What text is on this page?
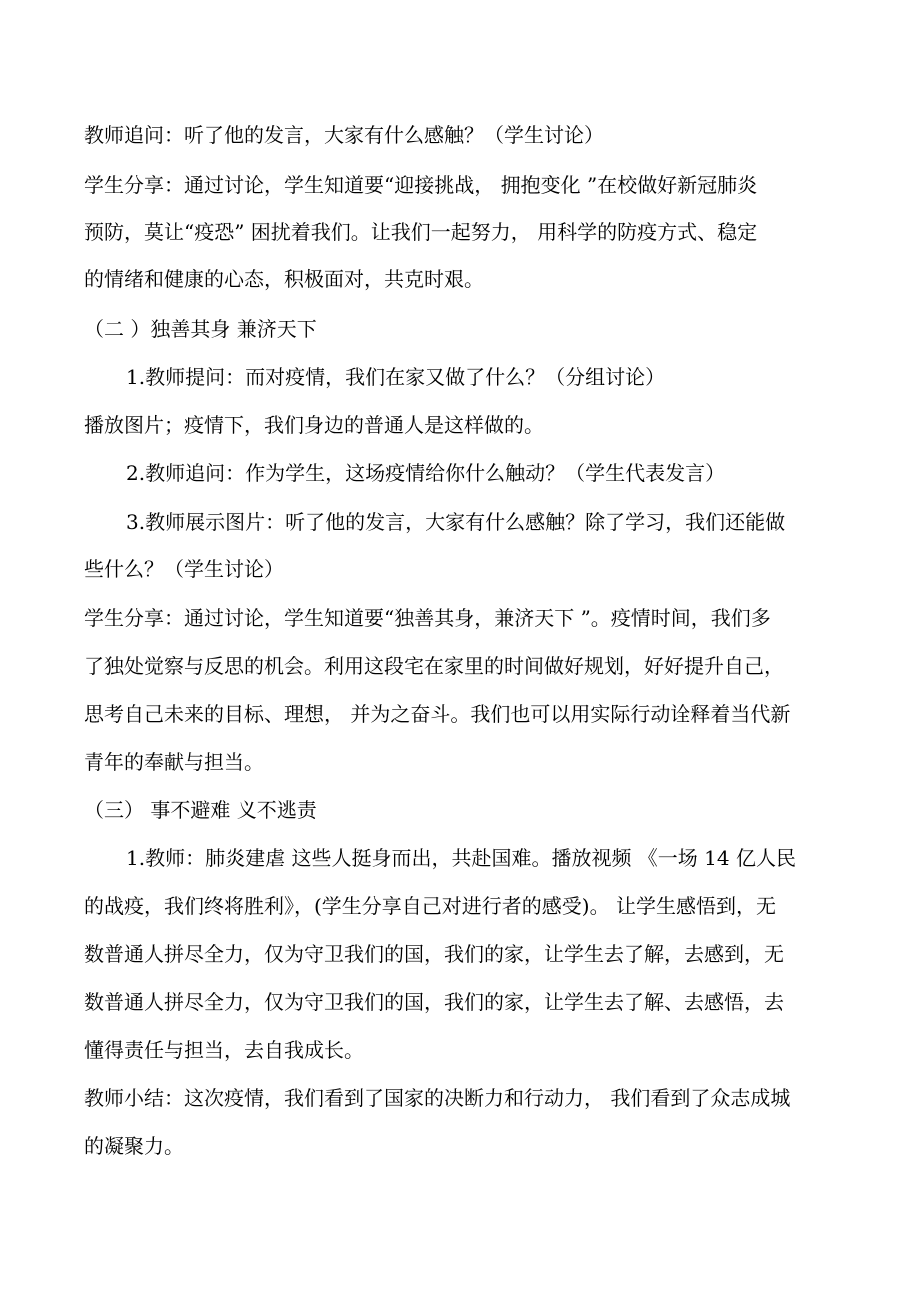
教师追问：听了他的发言，大家有什么感触？（学生讨论）
学生分享：通过讨论，学生知道要“迎接挑战， 拥抱变化 ”在校做好新冠肺炎
预防，莫让“疫恐” 困扰着我们。让我们一起努力， 用科学的防疫方式、稳定
的情绪和健康的心态，积极面对，共克时艰。
（二 ）独善其身 兼济天下
1.教师提问：而对疫情，我们在家又做了什么？（分组讨论）
播放图片；疫情下，我们身边的普通人是这样做的。
2.教师追问：作为学生，这场疫情给你什么触动？（学生代表发言）
3.教师展示图片：听了他的发言，大家有什么感触？除了学习，我们还能做
些什么？（学生讨论）
学生分享：通过讨论，学生知道要“独善其身，兼济天下 ”。疫情时间，我们多
了独处觉察与反思的机会。利用这段宅在家里的时间做好规划，好好提升自己，
思考自己未来的目标、理想， 并为之奋斗。我们也可以用实际行动诠释着当代新
青年的奉献与担当。
（三） 事不避难 义不逃责
1.教师：肺炎建虐 这些人挺身而出，共赴国难。播放视频 《一场 14 亿人民
的战疫，我们终将胜利》，(学生分享自己对进行者的感受)。 让学生感悟到，无
数普通人拼尽全力，仅为守卫我们的国，我们的家，让学生去了解，去感到，无
数普通人拼尽全力，仅为守卫我们的国，我们的家，让学生去了解、去感悟，去
懂得责任与担当，去自我成长。
教师小结：这次疫情，我们看到了国家的决断力和行动力， 我们看到了众志成城
的凝聚力。
